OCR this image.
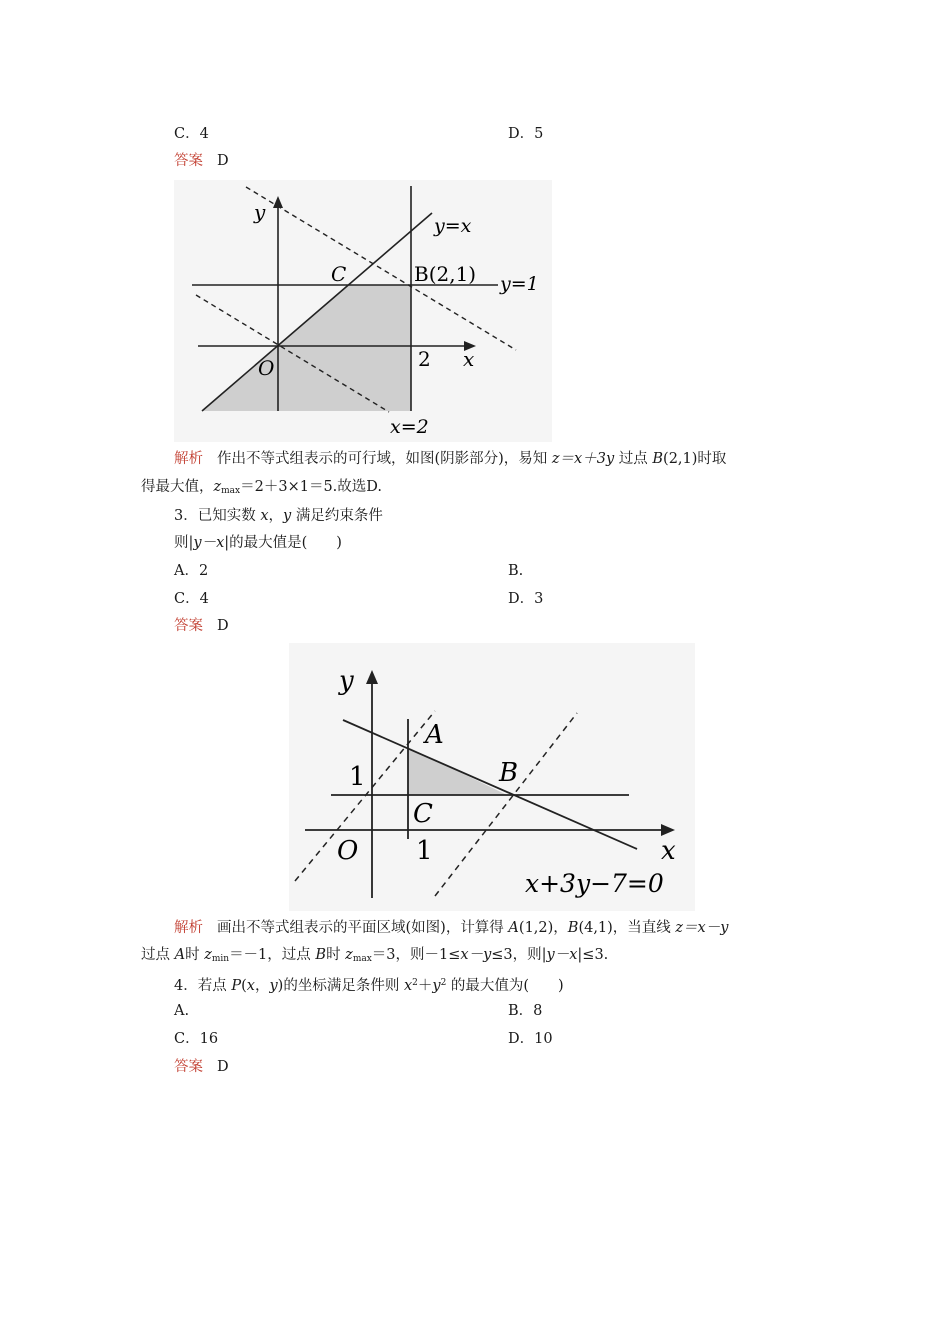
C．4	D．5
答案 D
y
x
O
C	B(2,1)
y=x
y=1
x=2
2
解析 作出不等式组表示的可行域，如图(阴影部分)，易知 z＝x＋3y 过点 B(2,1)时取
得最大值，$z_{max}=2+3\times 1=5$.故选D.
3．已知实数 x，y 满足约束条件
则|y－x|的最大值是(　　)
A．2	B.
C．4	D．3
答案 D
y
x
O
A
B
C
1
1
x+3y−7=0
解析 画出不等式组表示的平面区域(如图)，计算得 A(1,2)，B(4,1)，当直线 z＝x－y
过点 A时 $z_{min}=-1$，过点 B时 $z_{max}=3$，则－1≤x－y≤3，则|y－x|≤3.
4．若点 P(x，y)的坐标满足条件则 $x^2+y^2$ 的最大值为(　　)
A.	B．8
C．16	D．10
答案 D
